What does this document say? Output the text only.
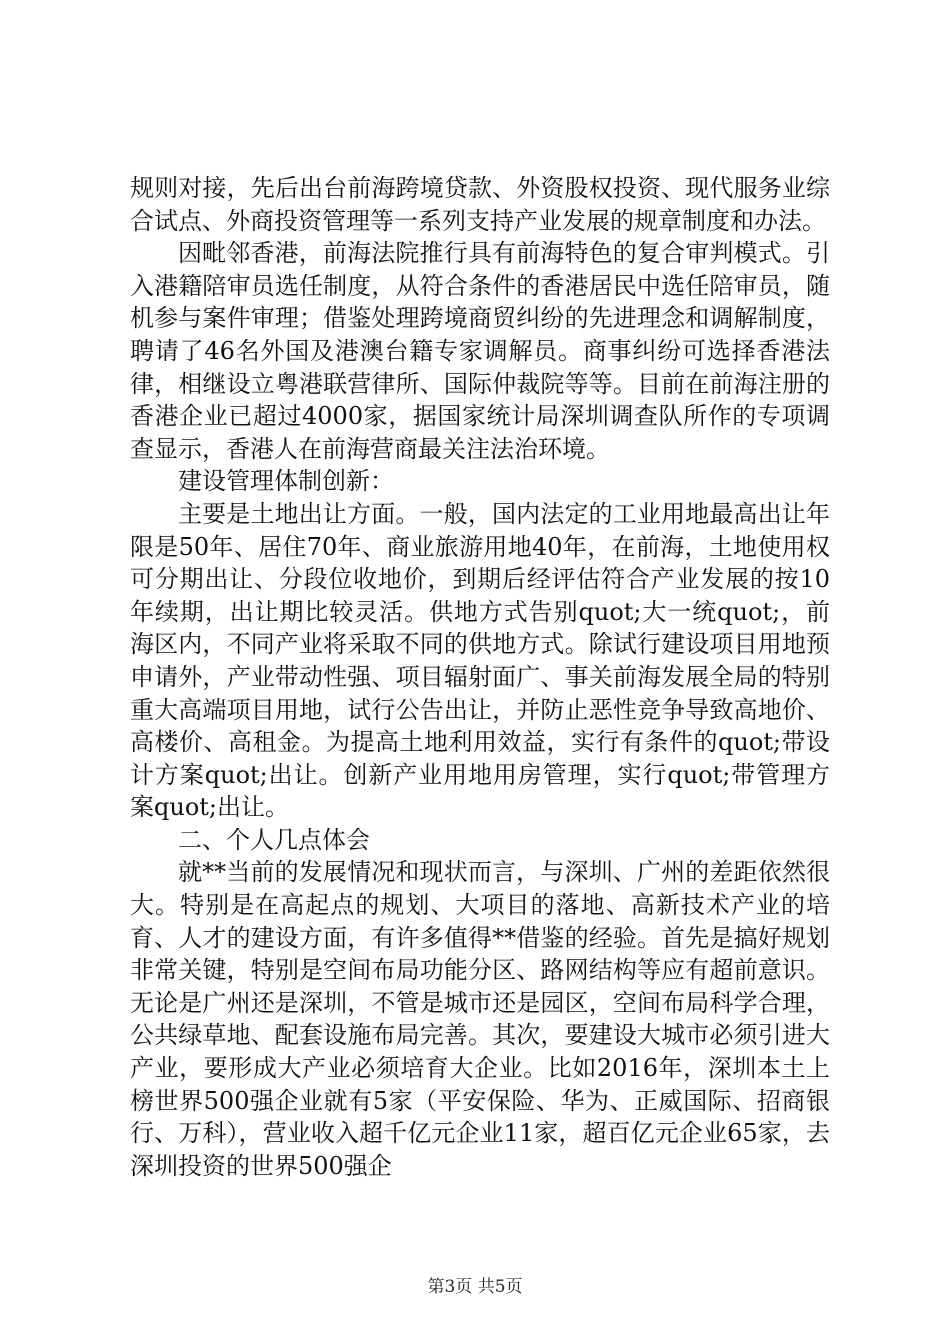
规则对接，先后出台前海跨境贷款、外资股权投资、现代服务业综合试点、外商投资管理等一系列支持产业发展的规章制度和办法。

因毗邻香港，前海法院推行具有前海特色的复合审判模式。引入港籍陪审员选任制度，从符合条件的香港居民中选任陪审员，随机参与案件审理；借鉴处理跨境商贸纠纷的先进理念和调解制度，聘请了46名外国及港澳台籍专家调解员。商事纠纷可选择香港法律，相继设立粤港联营律所、国际仲裁院等等。目前在前海注册的香港企业已超过4000家，据国家统计局深圳调查队所作的专项调查显示，香港人在前海营商最关注法治环境。

建设管理体制创新：

主要是土地出让方面。一般，国内法定的工业用地最高出让年限是50年、居住70年、商业旅游用地40年，在前海，土地使用权可分期出让、分段位收地价，到期后经评估符合产业发展的按10年续期，出让期比较灵活。供地方式告别quot;大一统quot;，前海区内，不同产业将采取不同的供地方式。除试行建设项目用地预申请外，产业带动性强、项目辐射面广、事关前海发展全局的特别重大高端项目用地，试行公告出让，并防止恶性竞争导致高地价、高楼价、高租金。为提高土地利用效益，实行有条件的quot;带设计方案quot;出让。创新产业用地用房管理，实行quot;带管理方案quot;出让。

二、个人几点体会

就**当前的发展情况和现状而言，与深圳、广州的差距依然很大。特别是在高起点的规划、大项目的落地、高新技术产业的培育、人才的建设方面，有许多值得**借鉴的经验。首先是搞好规划非常关键，特别是空间布局功能分区、路网结构等应有超前意识。无论是广州还是深圳，不管是城市还是园区，空间布局科学合理，公共绿草地、配套设施布局完善。其次，要建设大城市必须引进大产业，要形成大产业必须培育大企业。比如2016年，深圳本土上榜世界500强企业就有5家（平安保险、华为、正威国际、招商银行、万科），营业收入超千亿元企业11家，超百亿元企业65家，去深圳投资的世界500强企

第3页 共5页
